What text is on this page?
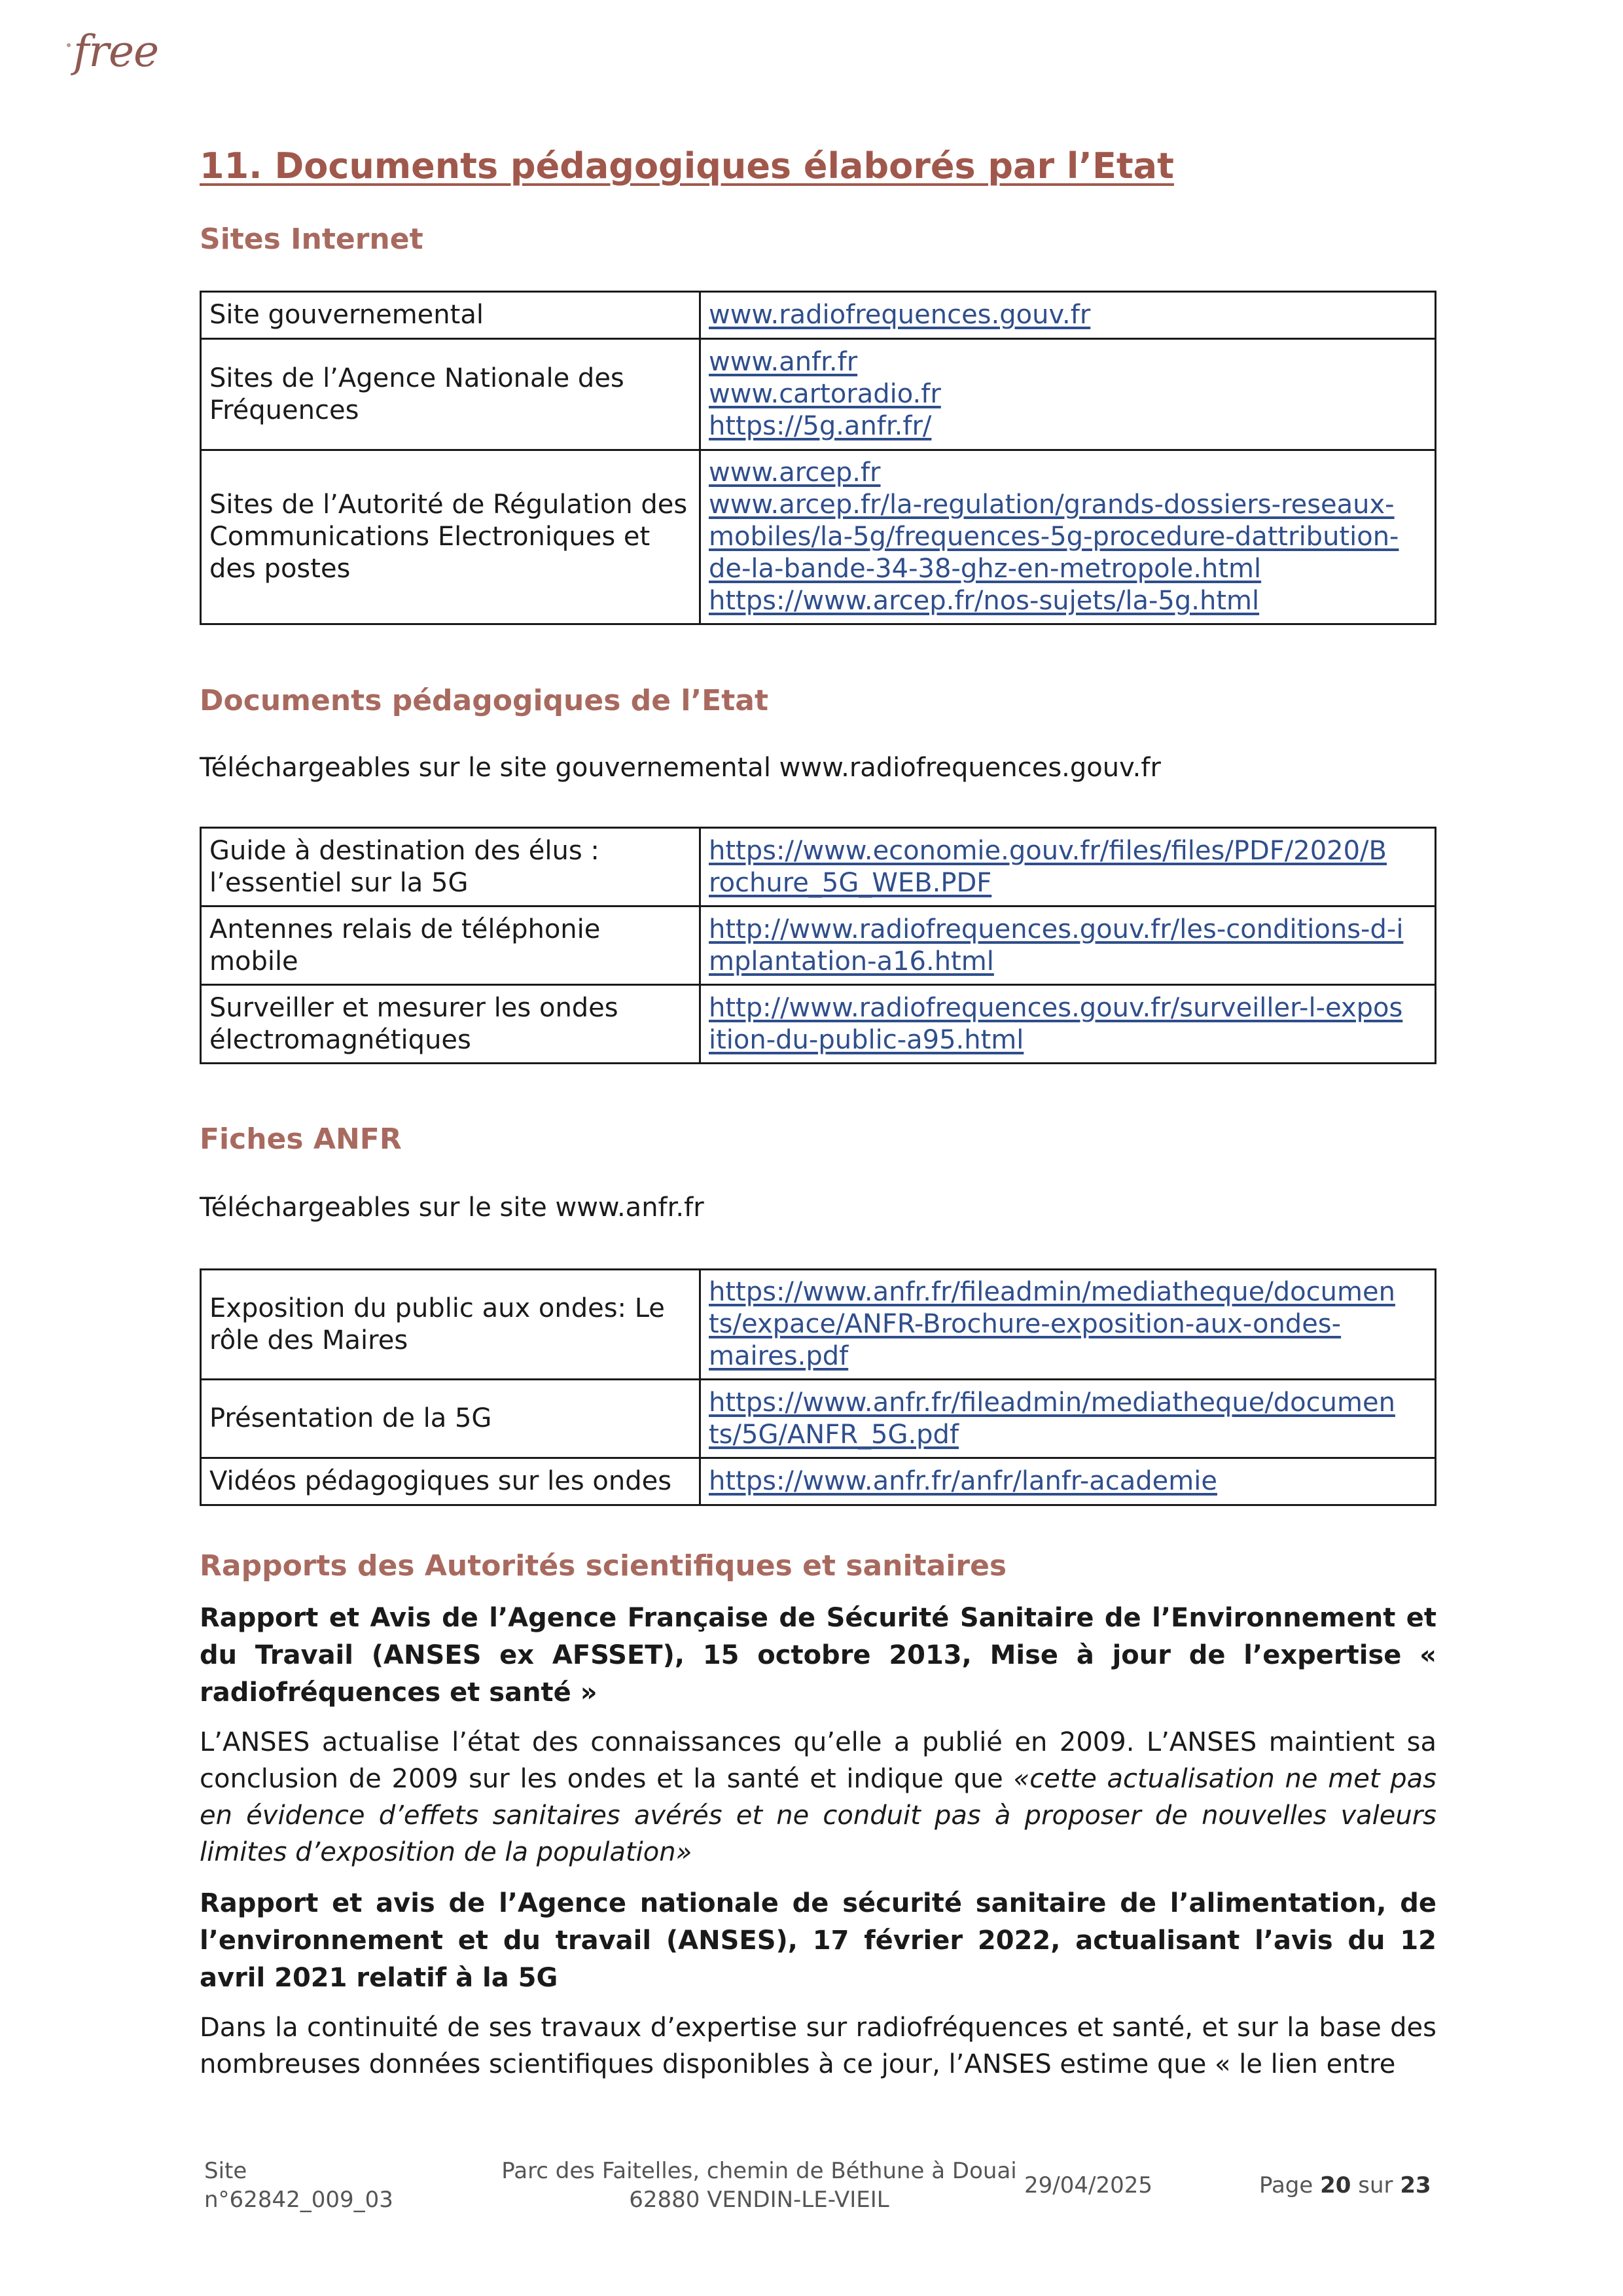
free
11. Documents pédagogiques élaborés par l’Etat
Sites Internet
Site gouvernemental	www.radiofrequences.gouv.fr

Sites de l’Agence Nationale des Fréquences	www.anfr.fr
www.cartoradio.fr
https://5g.anfr.fr/

Sites de l’Autorité de Régulation des Communications Electroniques et des postes	www.arcep.fr
www.arcep.fr/la-regulation/grands-dossiers-reseaux-
mobiles/la-5g/frequences-5g-procedure-dattribution-
de-la-bande-34-38-ghz-en-metropole.html
https://www.arcep.fr/nos-sujets/la-5g.html
Documents pédagogiques de l’Etat

Téléchargeables sur le site gouvernemental www.radiofrequences.gouv.fr

Guide à destination des élus : l’essentiel sur la 5G	https://www.economie.gouv.fr/files/files/PDF/2020/B
rochure_5G_WEB.PDF

Antennes relais de téléphonie mobile	http://www.radiofrequences.gouv.fr/les-conditions-d-i
mplantation-a16.html

Surveiller et mesurer les ondes électromagnétiques	http://www.radiofrequences.gouv.fr/surveiller-l-expos
ition-du-public-a95.html
Fiches ANFR

Téléchargeables sur le site www.anfr.fr

Exposition du public aux ondes: Le rôle des Maires	https://www.anfr.fr/fileadmin/mediatheque/documen
ts/expace/ANFR-Brochure-exposition-aux-ondes-
maires.pdf

Présentation de la 5G	https://www.anfr.fr/fileadmin/mediatheque/documen
ts/5G/ANFR_5G.pdf

Vidéos pédagogiques sur les ondes	https://www.anfr.fr/anfr/lanfr-academie
Rapports des Autorités scientifiques et sanitaires

Rapport et Avis de l’Agence Française de Sécurité Sanitaire de l’Environnement et du Travail (ANSES ex AFSSET), 15 octobre 2013, Mise à jour de l’expertise « radiofréquences et santé »

L’ANSES actualise l’état des connaissances qu’elle a publié en 2009. L’ANSES maintient sa conclusion de 2009 sur les ondes et la santé et indique que «cette actualisation ne met pas en évidence d’effets sanitaires avérés et ne conduit pas à proposer de nouvelles valeurs limites d’exposition de la population»

Rapport et avis de l’Agence nationale de sécurité sanitaire de l’alimentation, de l’environnement et du travail (ANSES), 17 février 2022, actualisant l’avis du 12 avril 2021 relatif à la 5G

Dans la continuité de ses travaux d’expertise sur radiofréquences et santé, et sur la base des nombreuses données scientifiques disponibles à ce jour, l’ANSES estime que « le lien entre

Site
n°62842_009_03
Parc des Faitelles, chemin de Béthune à Douai
62880 VENDIN-LE-VIEIL
29/04/2025	Page 20 sur 23
